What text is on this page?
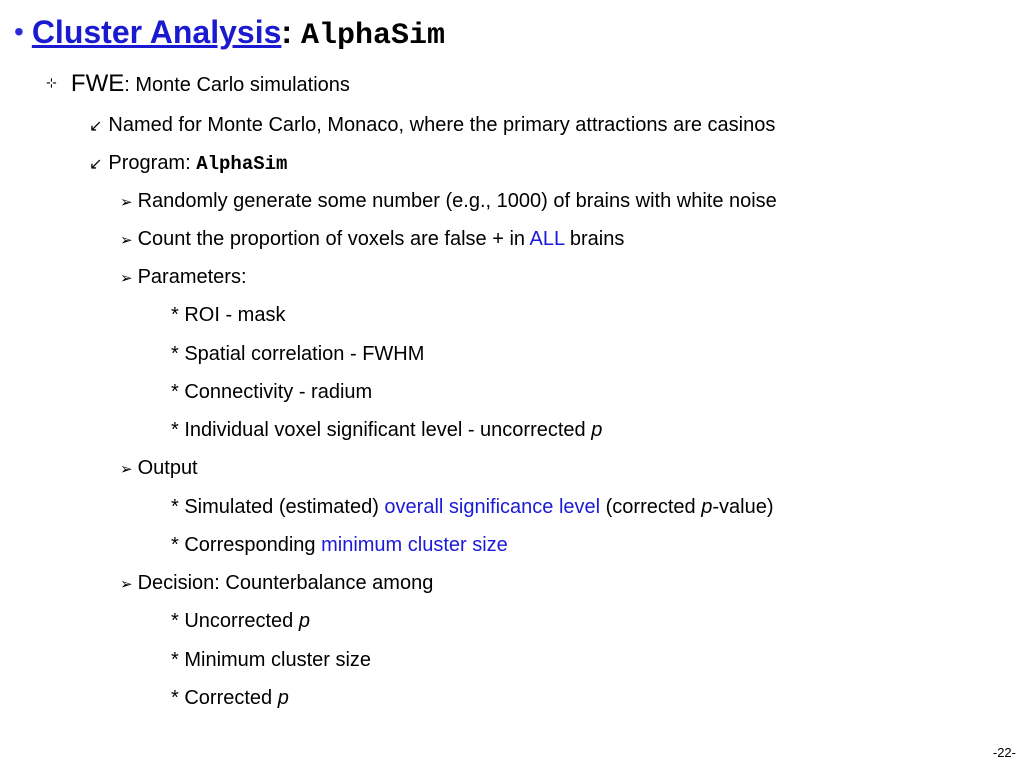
• Cluster Analysis: AlphaSim
⊹ FWE: Monte Carlo simulations
↙ Named for Monte Carlo, Monaco, where the primary attractions are casinos
↙ Program: AlphaSim
➢ Randomly generate some number (e.g., 1000) of brains with white noise
➢ Count the proportion of voxels are false + in ALL brains
➢ Parameters:
* ROI - mask
* Spatial correlation - FWHM
* Connectivity - radium
* Individual voxel significant level - uncorrected p
➢ Output
* Simulated (estimated) overall significance level (corrected p-value)
* Corresponding minimum cluster size
➢ Decision: Counterbalance among
* Uncorrected p
* Minimum cluster size
* Corrected p
-22-
